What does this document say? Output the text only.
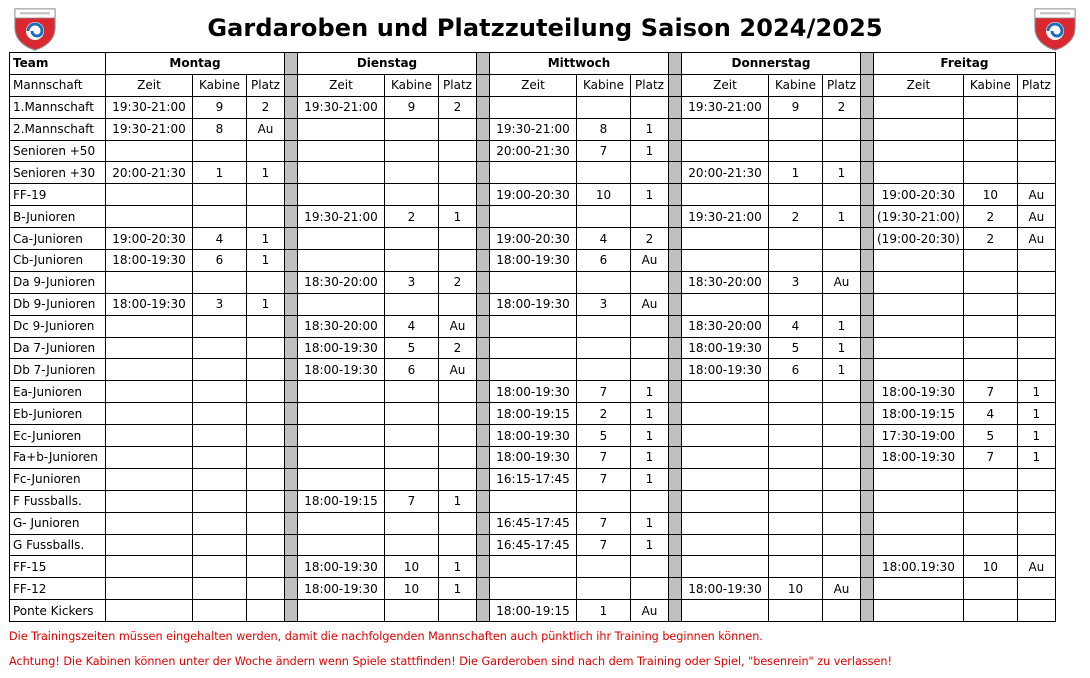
Gardaroben und Platzzuteilung Saison 2024/2025
Team	Montag				Dienstag				Mittwoch				Donnerstag				Freitag		
Mannschaft	Zeit	Kabine	Platz		Zeit	Kabine	Platz		Zeit	Kabine	Platz		Zeit	Kabine	Platz		Zeit	Kabine	Platz
1.Mannschaft	19:30-21:00	9	2		19:30-21:00	9	2						19:30-21:00	9	2				
2.Mannschaft	19:30-21:00	8	Au						19:30-21:00	8	1								
Senioren +50									20:00-21:30	7	1								
Senioren +30	20:00-21:30	1	1										20:00-21:30	1	1				
FF-19									19:00-20:30	10	1						19:00-20:30	10	Au
B-Junioren					19:30-21:00	2	1						19:30-21:00	2	1		(19:30-21:00)	2	Au
Ca-Junioren	19:00-20:30	4	1						19:00-20:30	4	2						(19:00-20:30)	2	Au
Cb-Junioren	18:00-19:30	6	1						18:00-19:30	6	Au								
Da 9-Junioren					18:30-20:00	3	2						18:30-20:00	3	Au				
Db 9-Junioren	18:00-19:30	3	1						18:00-19:30	3	Au								
Dc 9-Junioren					18:30-20:00	4	Au						18:30-20:00	4	1				
Da 7-Junioren					18:00-19:30	5	2						18:00-19:30	5	1				
Db 7-Junioren					18:00-19:30	6	Au						18:00-19:30	6	1				
Ea-Junioren									18:00-19:30	7	1						18:00-19:30	7	1
Eb-Junioren									18:00-19:15	2	1						18:00-19:15	4	1
Ec-Junioren									18:00-19:30	5	1						17:30-19:00	5	1
Fa+b-Junioren									18:00-19:30	7	1						18:00-19:30	7	1
Fc-Junioren									16:15-17:45	7	1								
F Fussballs.					18:00-19:15	7	1												
G- Junioren									16:45-17:45	7	1								
G Fussballs.									16:45-17:45	7	1								
FF-15					18:00-19:30	10	1										18:00.19:30	10	Au
FF-12					18:00-19:30	10	1						18:00-19:30	10	Au				
Ponte Kickers									18:00-19:15	1	Au								
Die Trainingszeiten müssen eingehalten werden, damit die nachfolgenden Mannschaften auch pünktlich ihr Training beginnen können.
Achtung! Die Kabinen können unter der Woche ändern wenn Spiele stattfinden! Die Garderoben sind nach dem Training oder Spiel, "besenrein" zu verlassen!
